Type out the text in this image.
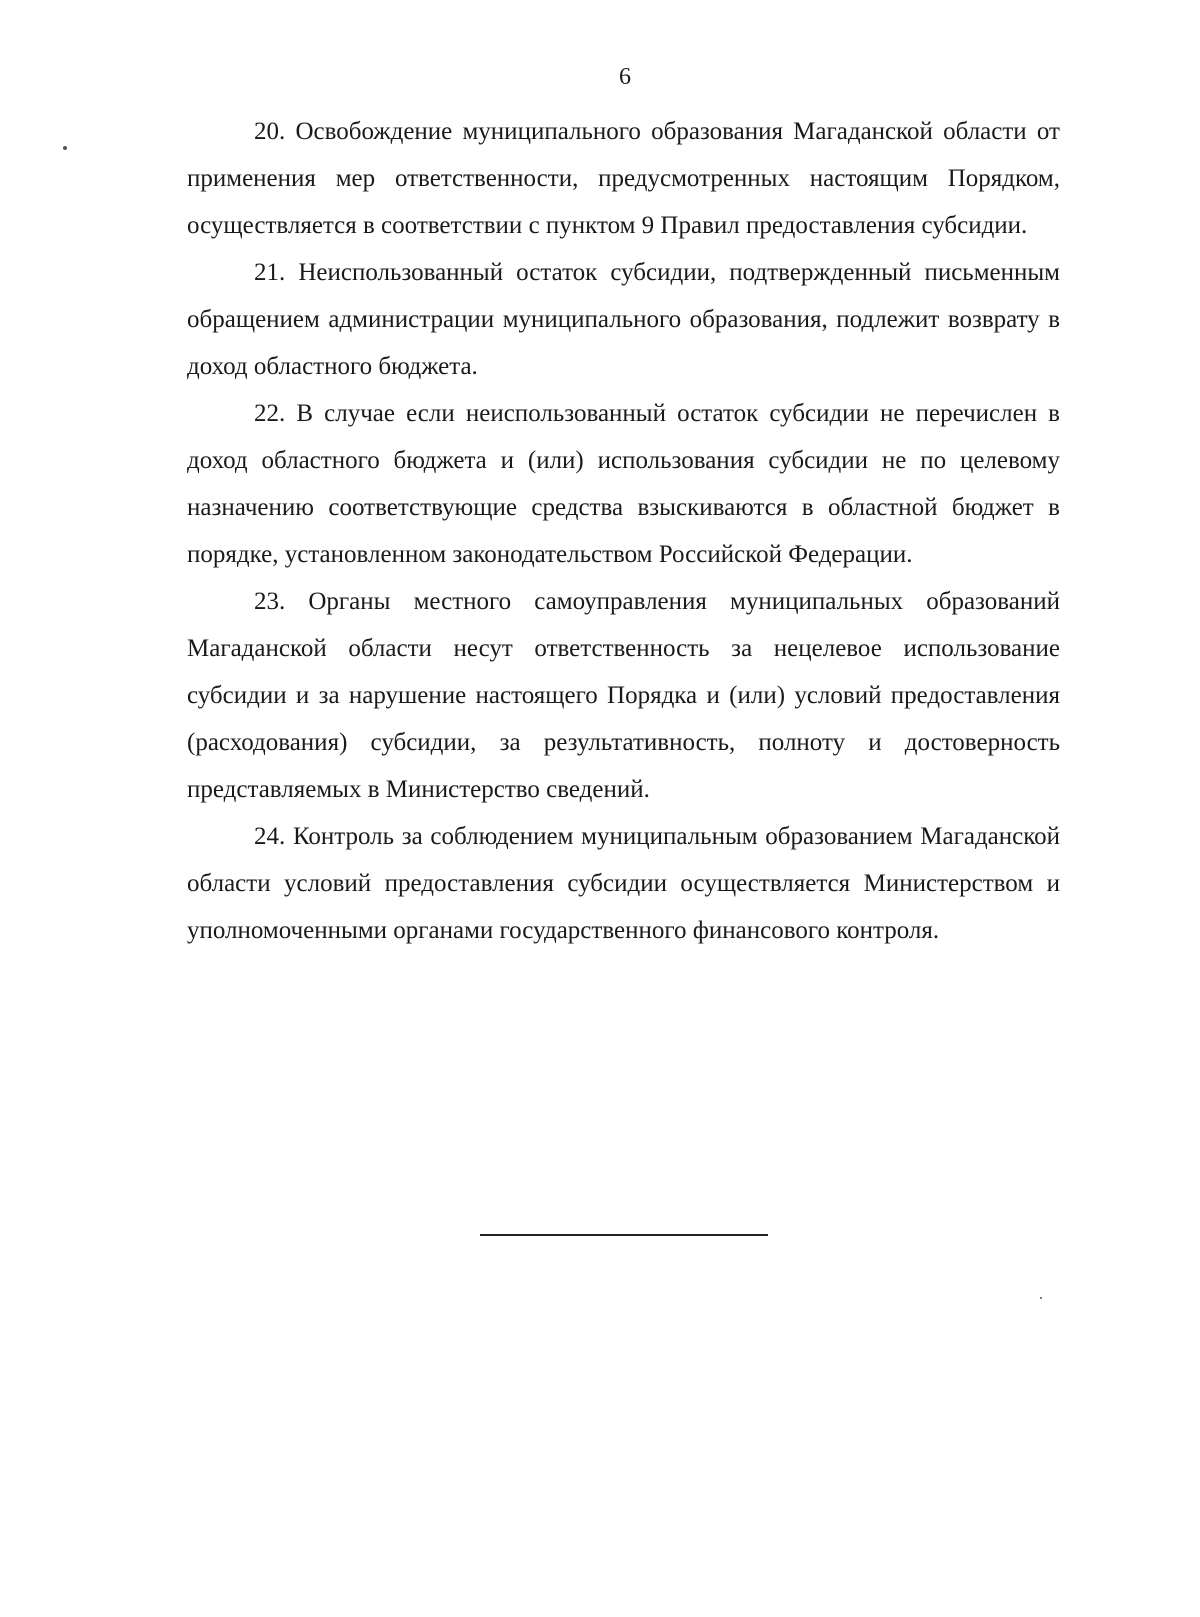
6

20. Освобождение муниципального образования Магаданской области от применения мер ответственности, предусмотренных настоящим Порядком, осуществляется в соответствии с пунктом 9 Правил предоставления субсидии.

21. Неиспользованный остаток субсидии, подтвержденный письменным обращением администрации муниципального образования, подлежит возврату в доход областного бюджета.

22. В случае если неиспользованный остаток субсидии не перечислен в доход областного бюджета и (или) использования субсидии не по целевому назначению соответствующие средства взыскиваются в областной бюджет в порядке, установленном законодательством Российской Федерации.

23. Органы местного самоуправления муниципальных образований Магаданской области несут ответственность за нецелевое использование субсидии и за нарушение настоящего Порядка и (или) условий предоставления (расходования) субсидии, за результативность, полноту и достоверность представляемых в Министерство сведений.

24. Контроль за соблюдением муниципальным образованием Магаданской области условий предоставления субсидии осуществляется Министерством и уполномоченными органами государственного финансового контроля.
